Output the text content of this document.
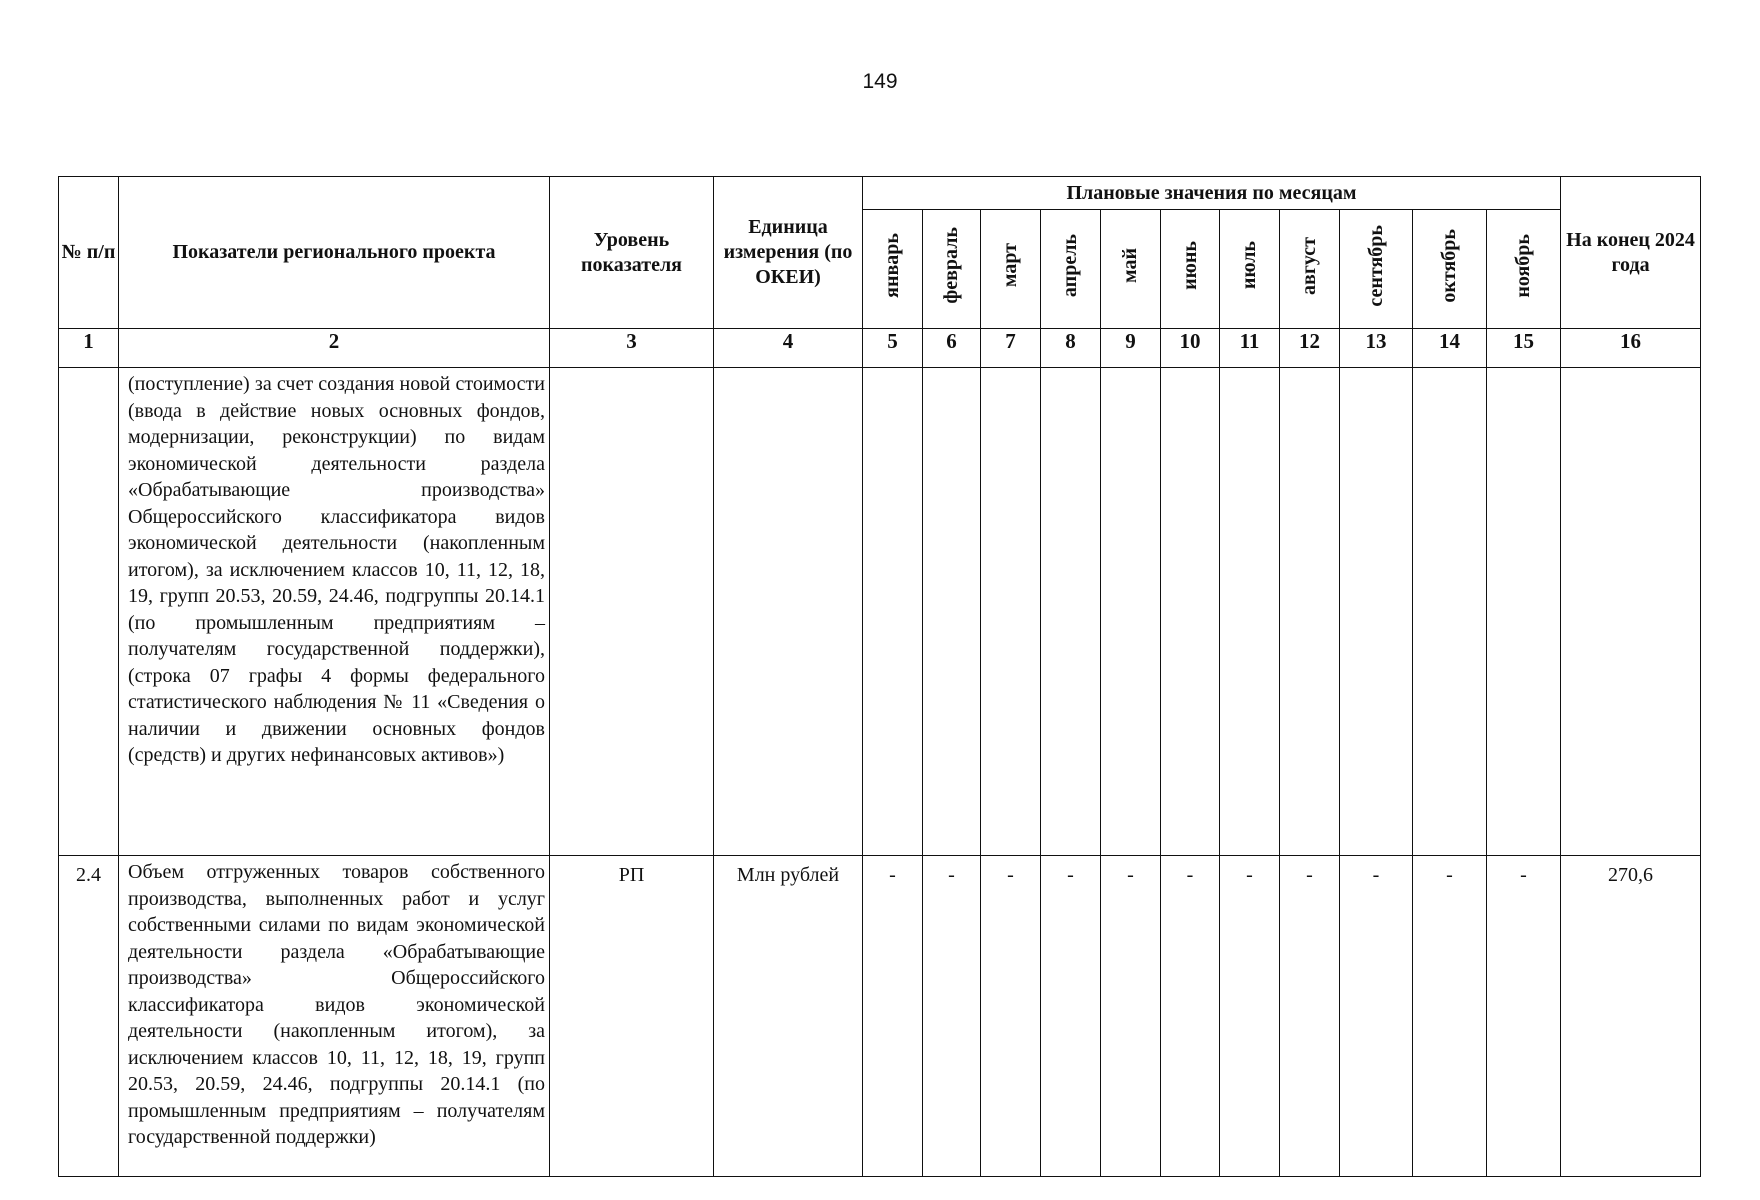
149
№ п/п	Показатели регионального проекта	Уровень показателя	Единица измерения (по ОКЕИ)	Плановые значения по месяцам											На конец 2024 года
				январь	февраль	март	апрель	май	июнь	июль	август	сентябрь	октябрь	ноябрь	
1	2	3	4	5	6	7	8	9	10	11	12	13	14	15	16
	(поступление) за счет создания новой стоимости (ввода в действие новых основных фондов, модернизации, реконструкции) по видам экономической деятельности раздела «Обрабатывающие производства» Общероссийского классификатора видов экономической деятельности (накопленным итогом), за исключением классов 10, 11, 12, 18, 19, групп 20.53, 20.59, 24.46, подгруппы 20.14.1 (по промышленным предприятиям – получателям государственной поддержки), (строка 07 графы 4 формы федерального статистического наблюдения № 11 «Сведения о наличии и движении основных фондов (средств) и других нефинансовых активов»)														
2.4	Объем отгруженных товаров собственного производства, выполненных работ и услуг собственными силами по видам экономической деятельности раздела «Обрабатывающие производства» Общероссийского классификатора видов экономической деятельности (накопленным итогом), за исключением классов 10, 11, 12, 18, 19, групп 20.53, 20.59, 24.46, подгруппы 20.14.1 (по промышленным предприятиям – получателям государственной поддержки)	РП	Млн рублей	-	-	-	-	-	-	-	-	-	-	-	270,6
